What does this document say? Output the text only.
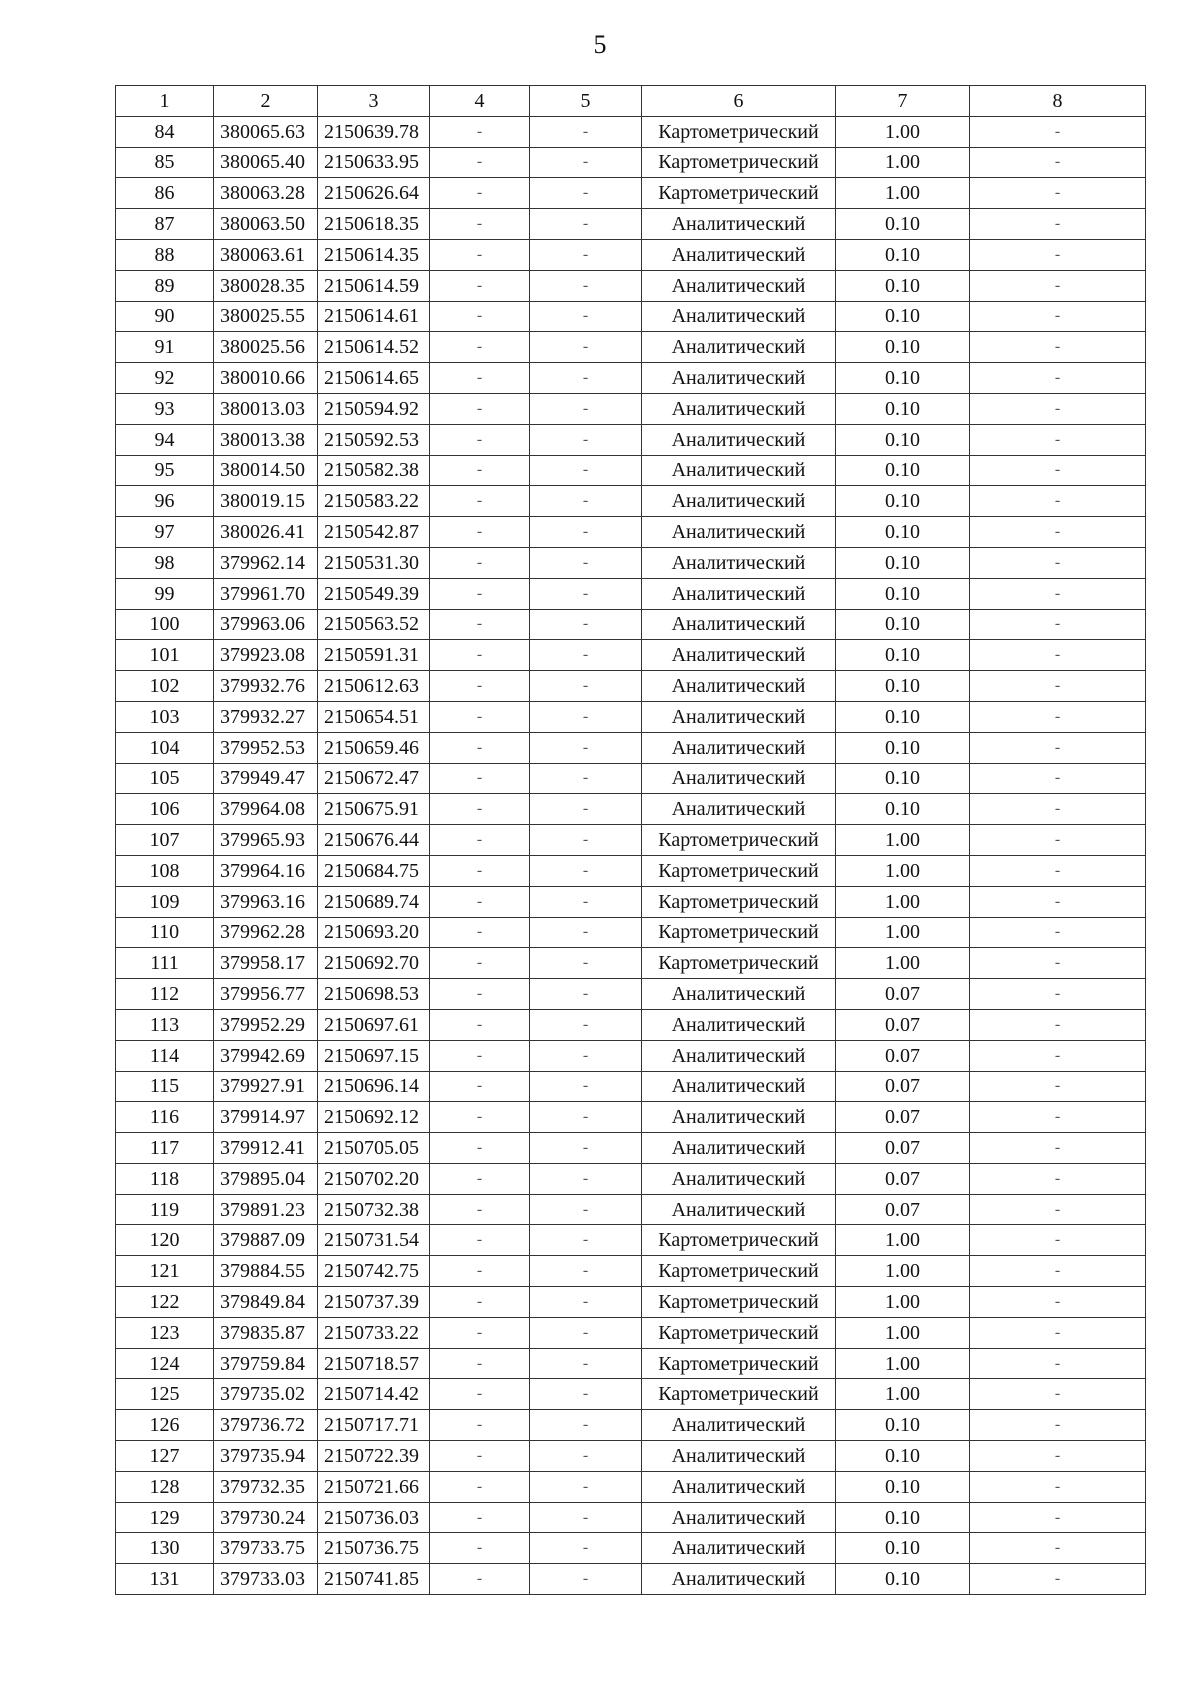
5
1	2	3	4	5	6	7	8
84	380065.63	2150639.78	-	-	Картометрический	1.00	-
85	380065.40	2150633.95	-	-	Картометрический	1.00	-
86	380063.28	2150626.64	-	-	Картометрический	1.00	-
87	380063.50	2150618.35	-	-	Аналитический	0.10	-
88	380063.61	2150614.35	-	-	Аналитический	0.10	-
89	380028.35	2150614.59	-	-	Аналитический	0.10	-
90	380025.55	2150614.61	-	-	Аналитический	0.10	-
91	380025.56	2150614.52	-	-	Аналитический	0.10	-
92	380010.66	2150614.65	-	-	Аналитический	0.10	-
93	380013.03	2150594.92	-	-	Аналитический	0.10	-
94	380013.38	2150592.53	-	-	Аналитический	0.10	-
95	380014.50	2150582.38	-	-	Аналитический	0.10	-
96	380019.15	2150583.22	-	-	Аналитический	0.10	-
97	380026.41	2150542.87	-	-	Аналитический	0.10	-
98	379962.14	2150531.30	-	-	Аналитический	0.10	-
99	379961.70	2150549.39	-	-	Аналитический	0.10	-
100	379963.06	2150563.52	-	-	Аналитический	0.10	-
101	379923.08	2150591.31	-	-	Аналитический	0.10	-
102	379932.76	2150612.63	-	-	Аналитический	0.10	-
103	379932.27	2150654.51	-	-	Аналитический	0.10	-
104	379952.53	2150659.46	-	-	Аналитический	0.10	-
105	379949.47	2150672.47	-	-	Аналитический	0.10	-
106	379964.08	2150675.91	-	-	Аналитический	0.10	-
107	379965.93	2150676.44	-	-	Картометрический	1.00	-
108	379964.16	2150684.75	-	-	Картометрический	1.00	-
109	379963.16	2150689.74	-	-	Картометрический	1.00	-
110	379962.28	2150693.20	-	-	Картометрический	1.00	-
111	379958.17	2150692.70	-	-	Картометрический	1.00	-
112	379956.77	2150698.53	-	-	Аналитический	0.07	-
113	379952.29	2150697.61	-	-	Аналитический	0.07	-
114	379942.69	2150697.15	-	-	Аналитический	0.07	-
115	379927.91	2150696.14	-	-	Аналитический	0.07	-
116	379914.97	2150692.12	-	-	Аналитический	0.07	-
117	379912.41	2150705.05	-	-	Аналитический	0.07	-
118	379895.04	2150702.20	-	-	Аналитический	0.07	-
119	379891.23	2150732.38	-	-	Аналитический	0.07	-
120	379887.09	2150731.54	-	-	Картометрический	1.00	-
121	379884.55	2150742.75	-	-	Картометрический	1.00	-
122	379849.84	2150737.39	-	-	Картометрический	1.00	-
123	379835.87	2150733.22	-	-	Картометрический	1.00	-
124	379759.84	2150718.57	-	-	Картометрический	1.00	-
125	379735.02	2150714.42	-	-	Картометрический	1.00	-
126	379736.72	2150717.71	-	-	Аналитический	0.10	-
127	379735.94	2150722.39	-	-	Аналитический	0.10	-
128	379732.35	2150721.66	-	-	Аналитический	0.10	-
129	379730.24	2150736.03	-	-	Аналитический	0.10	-
130	379733.75	2150736.75	-	-	Аналитический	0.10	-
131	379733.03	2150741.85	-	-	Аналитический	0.10	-
